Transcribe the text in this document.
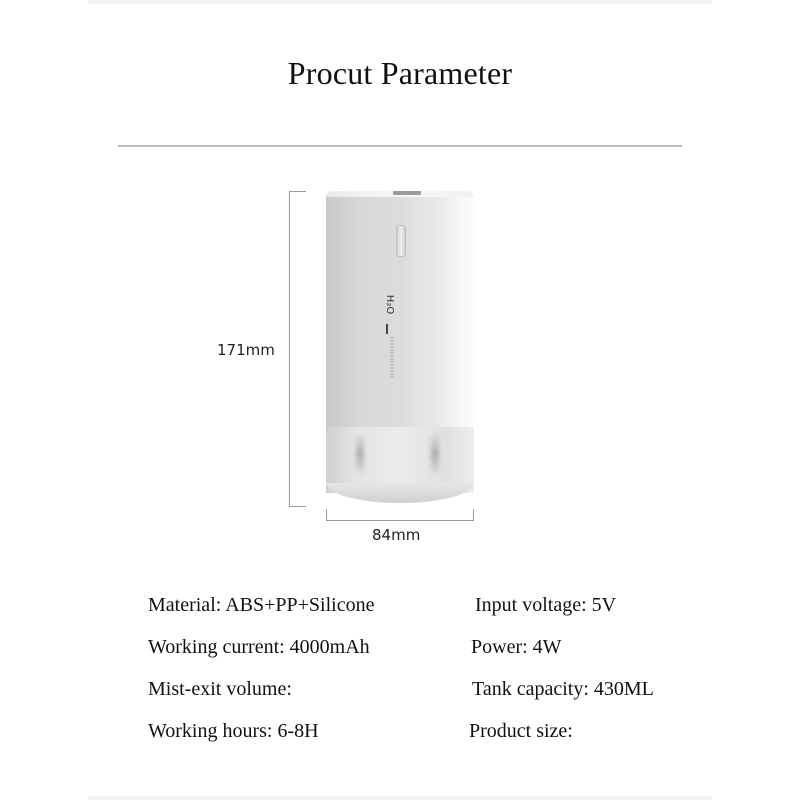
Procut Parameter
171mm
H₂O
84mm
Material: ABS+PP+Silicone
Working current: 4000mAh
Mist-exit volume:
Working hours: 6-8H
Input voltage: 5V
Power: 4W
Tank capacity: 430ML
Product size:
